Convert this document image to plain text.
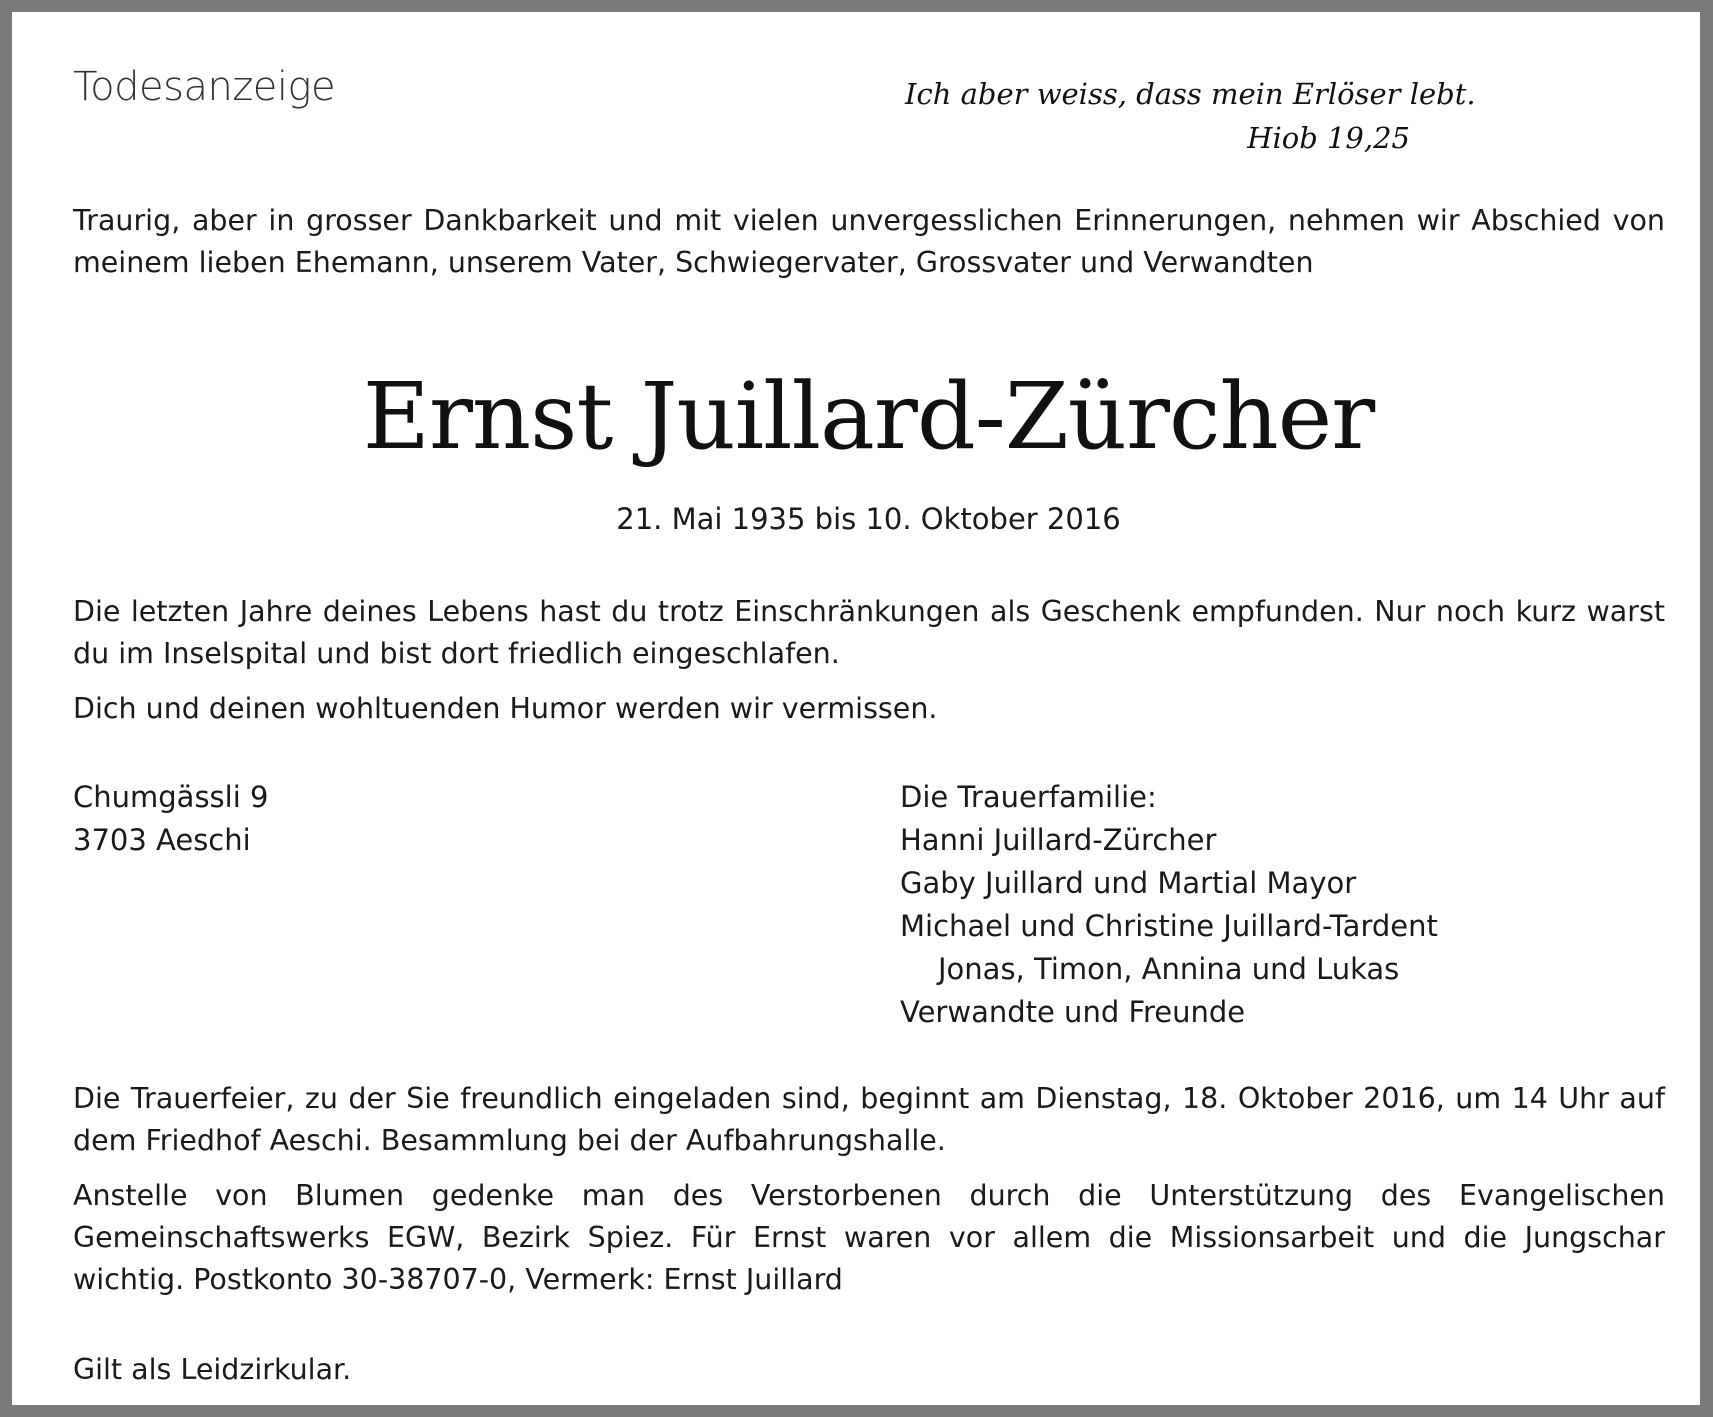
Todesanzeige	Ich aber weiss, dass mein Erlöser lebt.
Hiob 19,25
Traurig, aber in grosser Dankbarkeit und mit vielen unvergesslichen Erinnerungen, nehmen wir Abschied von meinem lieben Ehemann, unserem Vater, Schwiegervater, Grossvater und Verwandten
Ernst Juillard-Zürcher
21. Mai 1935 bis 10. Oktober 2016
Die letzten Jahre deines Lebens hast du trotz Einschränkungen als Geschenk empfunden. Nur noch kurz warst du im Inselspital und bist dort friedlich eingeschlafen.
Dich und deinen wohltuenden Humor werden wir vermissen.
Chumgässli 9
3703 Aeschi
Die Trauerfamilie:
Hanni Juillard-Zürcher
Gaby Juillard und Martial Mayor
Michael und Christine Juillard-Tardent
Jonas, Timon, Annina und Lukas
Verwandte und Freunde
Die Trauerfeier, zu der Sie freundlich eingeladen sind, beginnt am Dienstag, 18. Oktober 2016, um 14 Uhr auf dem Friedhof Aeschi. Besammlung bei der Aufbahrungshalle.
Anstelle von Blumen gedenke man des Verstorbenen durch die Unterstützung des Evangelischen Gemeinschaftswerks EGW, Bezirk Spiez. Für Ernst waren vor allem die Missionsarbeit und die Jungschar wichtig. Postkonto 30-38707-0, Vermerk: Ernst Juillard
Gilt als Leidzirkular.
